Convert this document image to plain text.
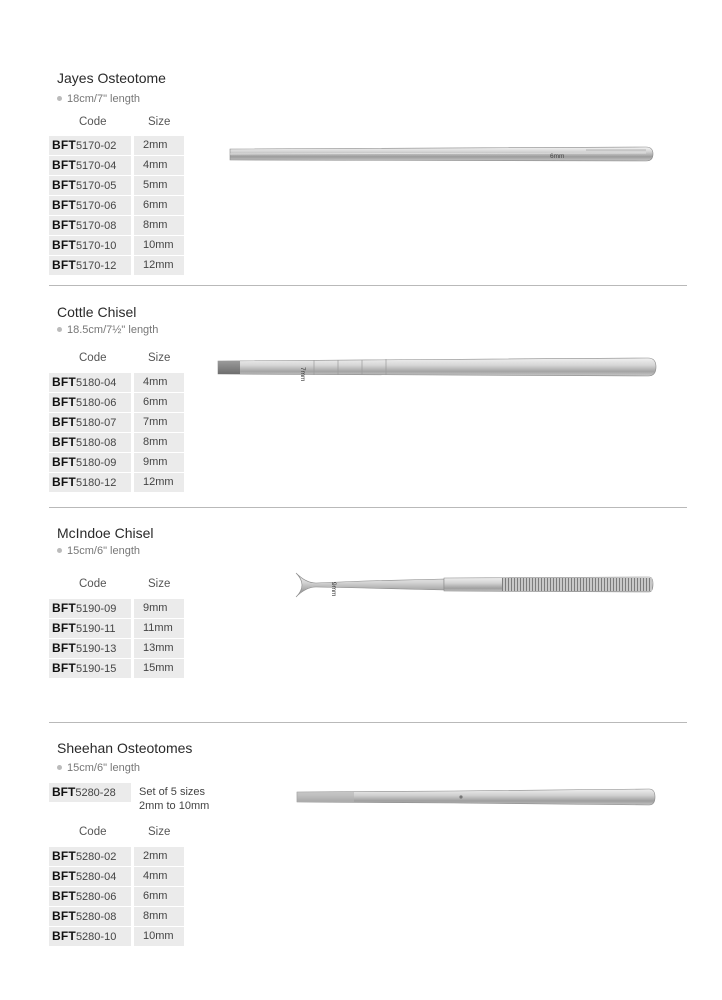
Jayes Osteotome
18cm/7" length
Code	Size
BFT5170-02	2mm
BFT5170-04	4mm
BFT5170-05	5mm
BFT5170-06	6mm
BFT5170-08	8mm
BFT5170-10	10mm
BFT5170-12	12mm
6mm
Cottle Chisel
18.5cm/7½" length
Code	Size
BFT5180-04	4mm
BFT5180-06	6mm
BFT5180-07	7mm
BFT5180-08	8mm
BFT5180-09	9mm
BFT5180-12	12mm
7mm
McIndoe Chisel
15cm/6" length
Code	Size
BFT5190-09	9mm
BFT5190-11	11mm
BFT5190-13	13mm
BFT5190-15	15mm
9mm
Sheehan Osteotomes
15cm/6" length
BFT5280-28	Set of 5 sizes
2mm to 10mm
Code	Size
BFT5280-02	2mm
BFT5280-04	4mm
BFT5280-06	6mm
BFT5280-08	8mm
BFT5280-10	10mm
